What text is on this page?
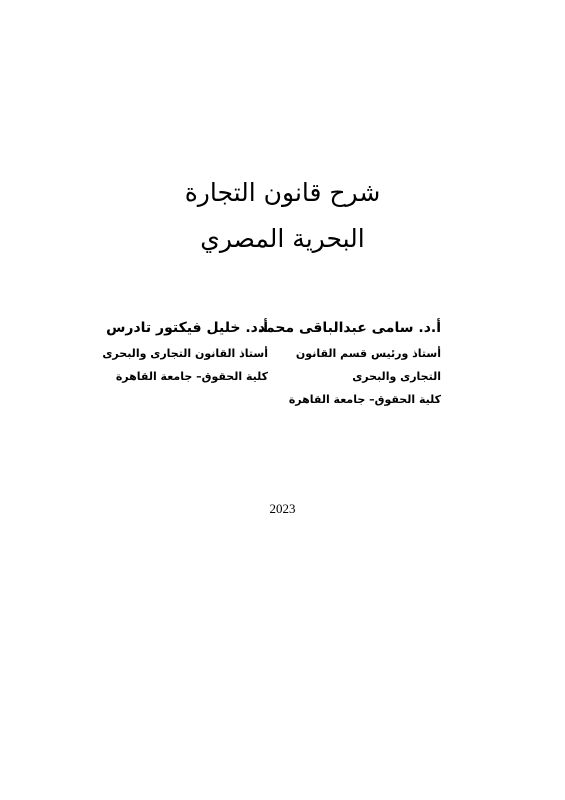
شرح قانون التجارة
البحرية المصري
أ.د. سامى عبدالباقى محمد
أستاذ ورئيس قسم القانون
التجارى والبحرى
كلية الحقوق– جامعة القاهرة
أ.د. خليل فيكتور تادرس
أستاذ القانون التجارى والبحرى
كلية الحقوق– جامعة القاهرة
2023
